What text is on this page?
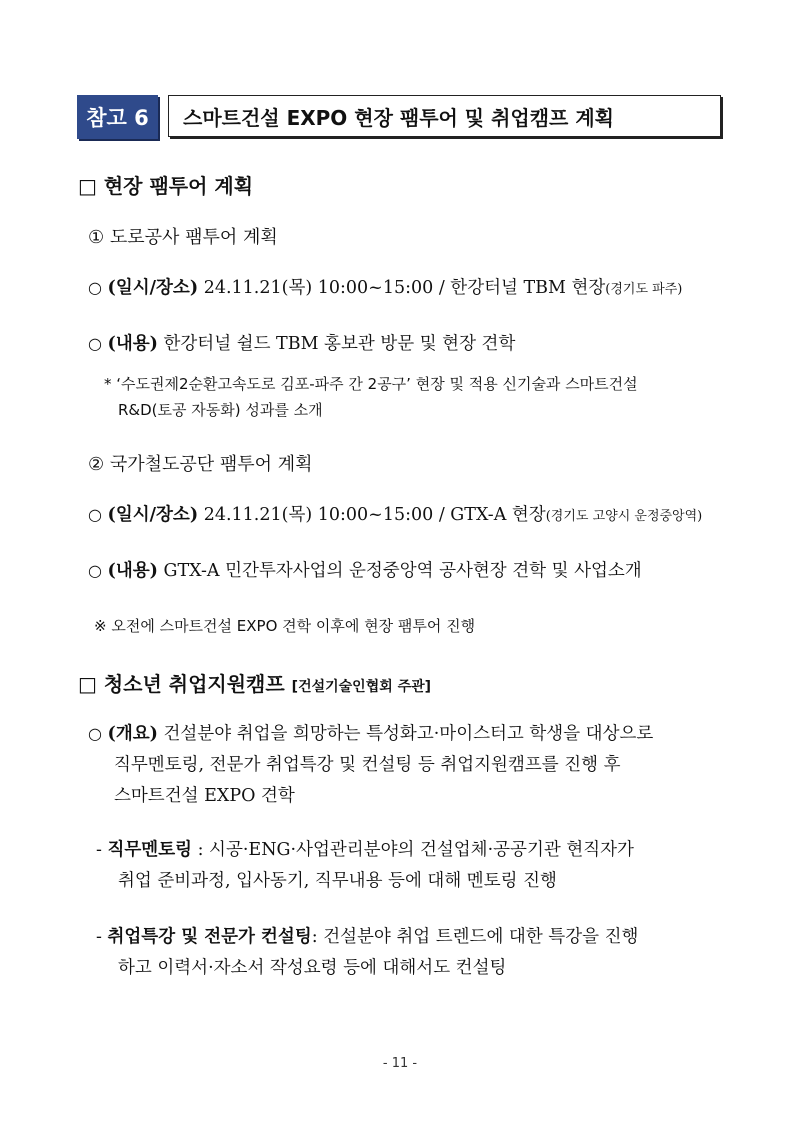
참고 6	스마트건설 EXPO 현장 팸투어 및 취업캠프 계획
□ 현장 팸투어 계획
① 도로공사 팸투어 계획
○ (일시/장소) 24.11.21(목) 10:00~15:00 / 한강터널 TBM 현장(경기도 파주)
○ (내용) 한강터널 쉴드 TBM 홍보관 방문 및 현장 견학
* ‘수도권제2순환고속도로 김포-파주 간 2공구’ 현장 및 적용 신기술과 스마트건설
R&D(토공 자동화) 성과를 소개
② 국가철도공단 팸투어 계획
○ (일시/장소) 24.11.21(목) 10:00~15:00 / GTX-A 현장(경기도 고양시 운정중앙역)
○ (내용) GTX-A 민간투자사업의 운정중앙역 공사현장 견학 및 사업소개
※ 오전에 스마트건설 EXPO 견학 이후에 현장 팸투어 진행
□ 청소년 취업지원캠프 [건설기술인협회 주관]
○ (개요) 건설분야 취업을 희망하는 특성화고·마이스터고 학생을 대상으로
직무멘토링, 전문가 취업특강 및 컨설팅 등 취업지원캠프를 진행 후
스마트건설 EXPO 견학
- 직무멘토링 : 시공·ENG·사업관리분야의 건설업체·공공기관 현직자가
취업 준비과정, 입사동기, 직무내용 등에 대해 멘토링 진행
- 취업특강 및 전문가 컨설팅: 건설분야 취업 트렌드에 대한 특강을 진행
하고 이력서·자소서 작성요령 등에 대해서도 컨설팅
- 11 -
